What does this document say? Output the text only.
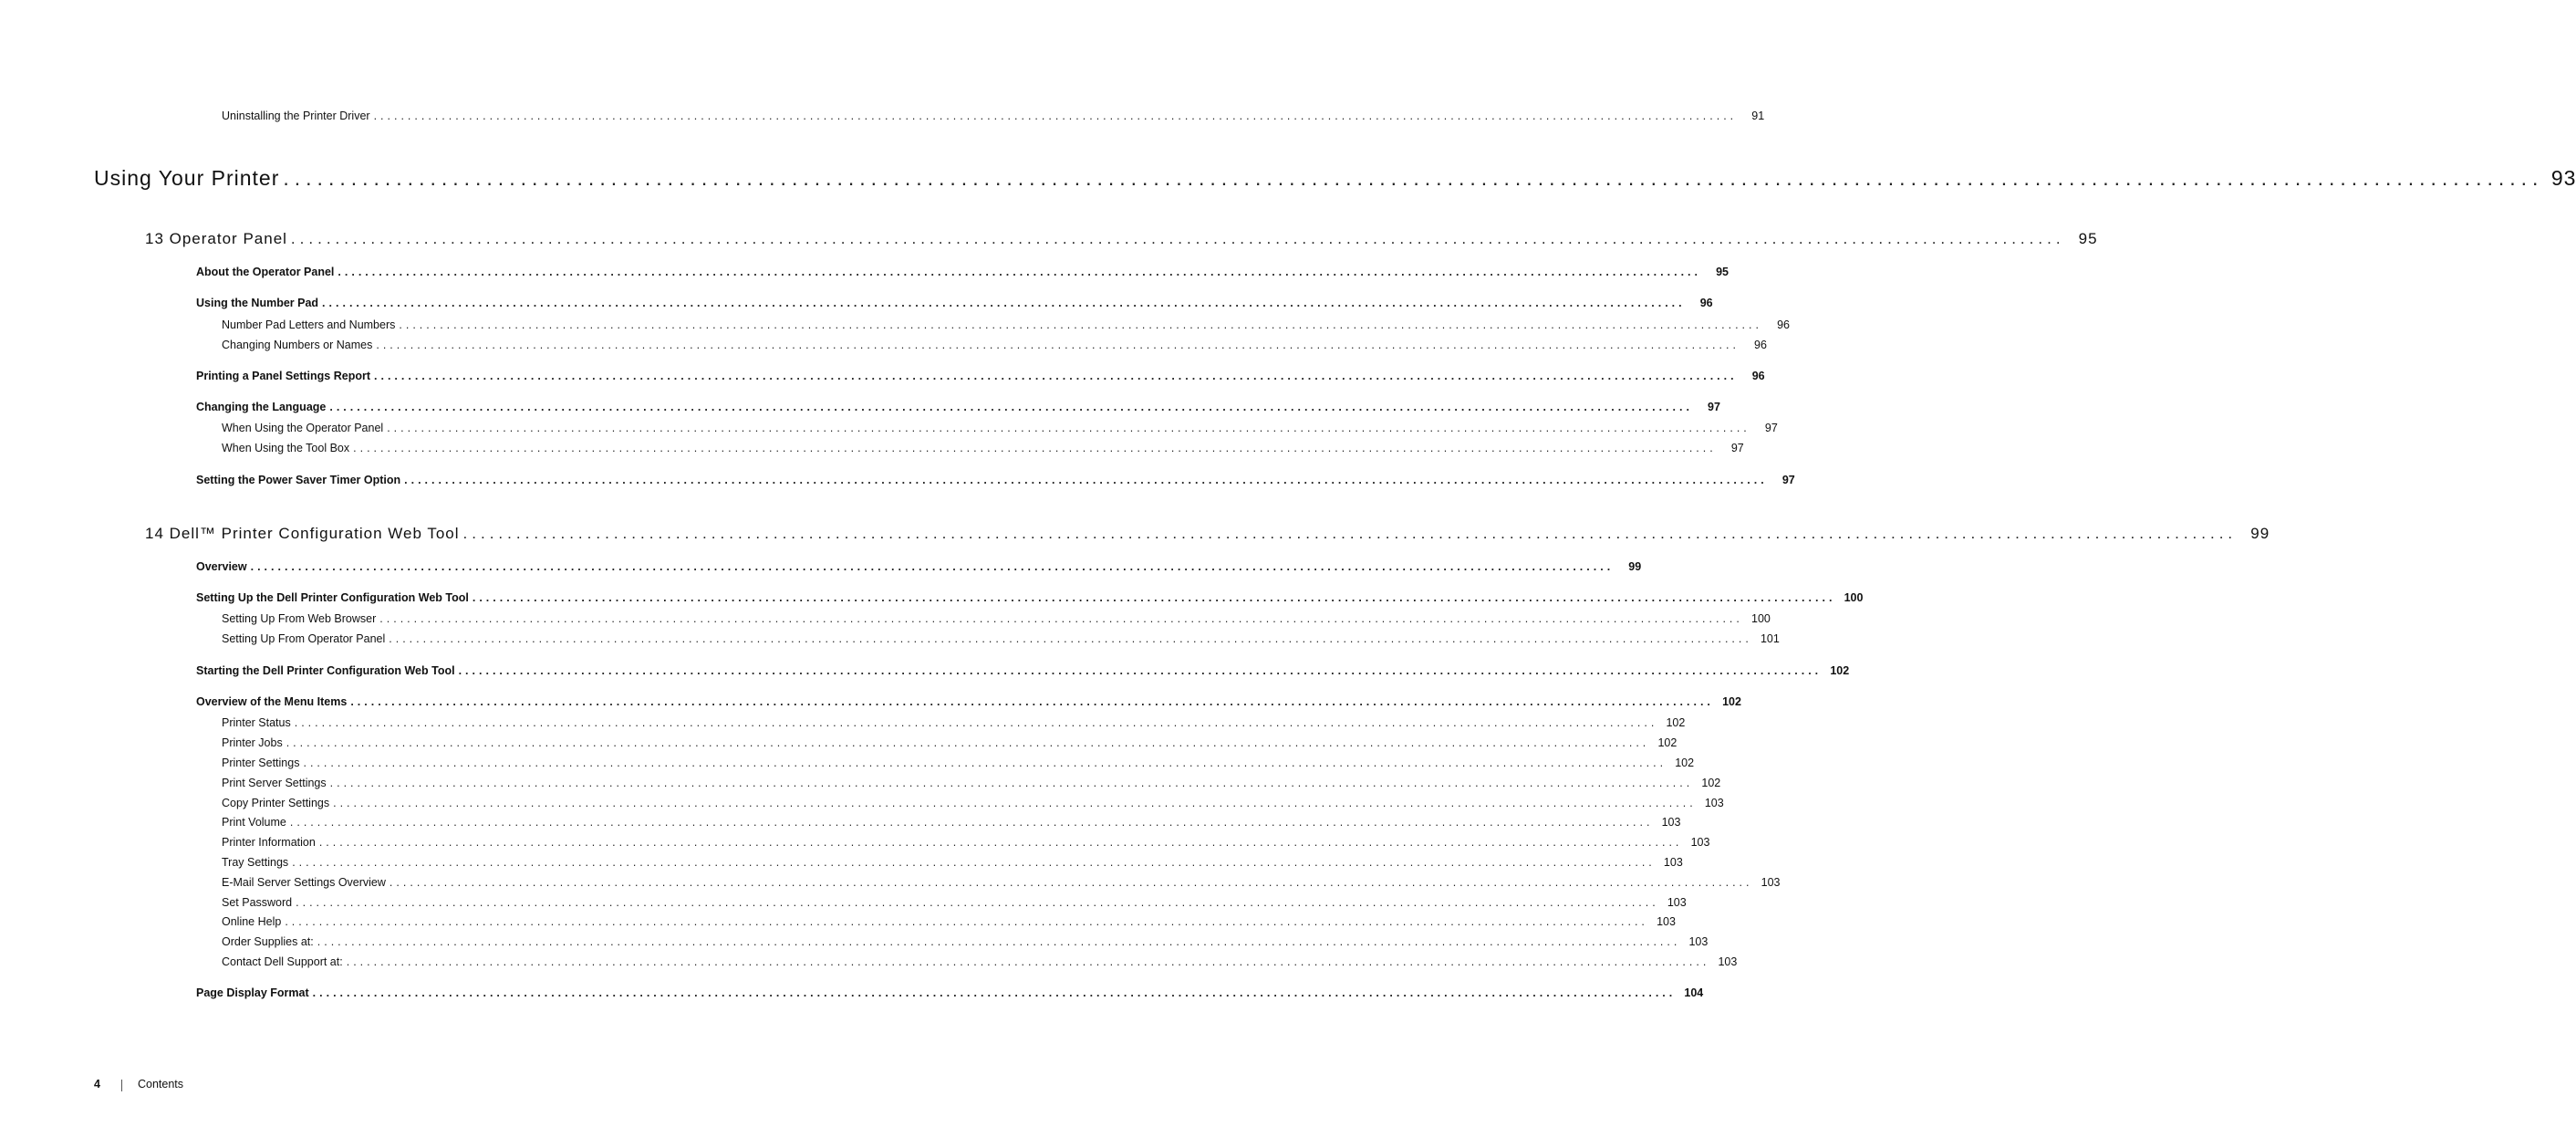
Uninstalling the Printer Driver ........................................................................................................................................................................................................	91
Using Your Printer ........................................................................................................................................................................................................ 93
13 Operator Panel ........................................................................................................................................................................................................ 95
About the Operator Panel ........................................................................................................................................................................................................	95
Using the Number Pad ........................................................................................................................................................................................................	96
Number Pad Letters and Numbers ........................................................................................................................................................................................................	96
Changing Numbers or Names ........................................................................................................................................................................................................	96
Printing a Panel Settings Report ........................................................................................................................................................................................................	96
Changing the Language ........................................................................................................................................................................................................	97
When Using the Operator Panel ........................................................................................................................................................................................................	97
When Using the Tool Box ........................................................................................................................................................................................................	97
Setting the Power Saver Timer Option ........................................................................................................................................................................................................	97
14 Dell™ Printer Configuration Web Tool ........................................................................................................................................................................................................ 99
Overview ........................................................................................................................................................................................................	99
Setting Up the Dell Printer Configuration Web Tool ........................................................................................................................................................................................................ 100
Setting Up From Web Browser ........................................................................................................................................................................................................ 100
Setting Up From Operator Panel ........................................................................................................................................................................................................ 101
Starting the Dell Printer Configuration Web Tool ........................................................................................................................................................................................................ 102
Overview of the Menu Items ........................................................................................................................................................................................................ 102
Printer Status ........................................................................................................................................................................................................ 102
Printer Jobs ........................................................................................................................................................................................................ 102
Printer Settings ........................................................................................................................................................................................................ 102
Print Server Settings ........................................................................................................................................................................................................ 102
Copy Printer Settings ........................................................................................................................................................................................................ 103
Print Volume ........................................................................................................................................................................................................ 103
Printer Information ........................................................................................................................................................................................................ 103
Tray Settings ........................................................................................................................................................................................................ 103
E-Mail Server Settings Overview ........................................................................................................................................................................................................ 103
Set Password ........................................................................................................................................................................................................ 103
Online Help ........................................................................................................................................................................................................ 103
Order Supplies at: ........................................................................................................................................................................................................ 103
Contact Dell Support at: ........................................................................................................................................................................................................ 103
Page Display Format ........................................................................................................................................................................................................ 104
4	Contents
